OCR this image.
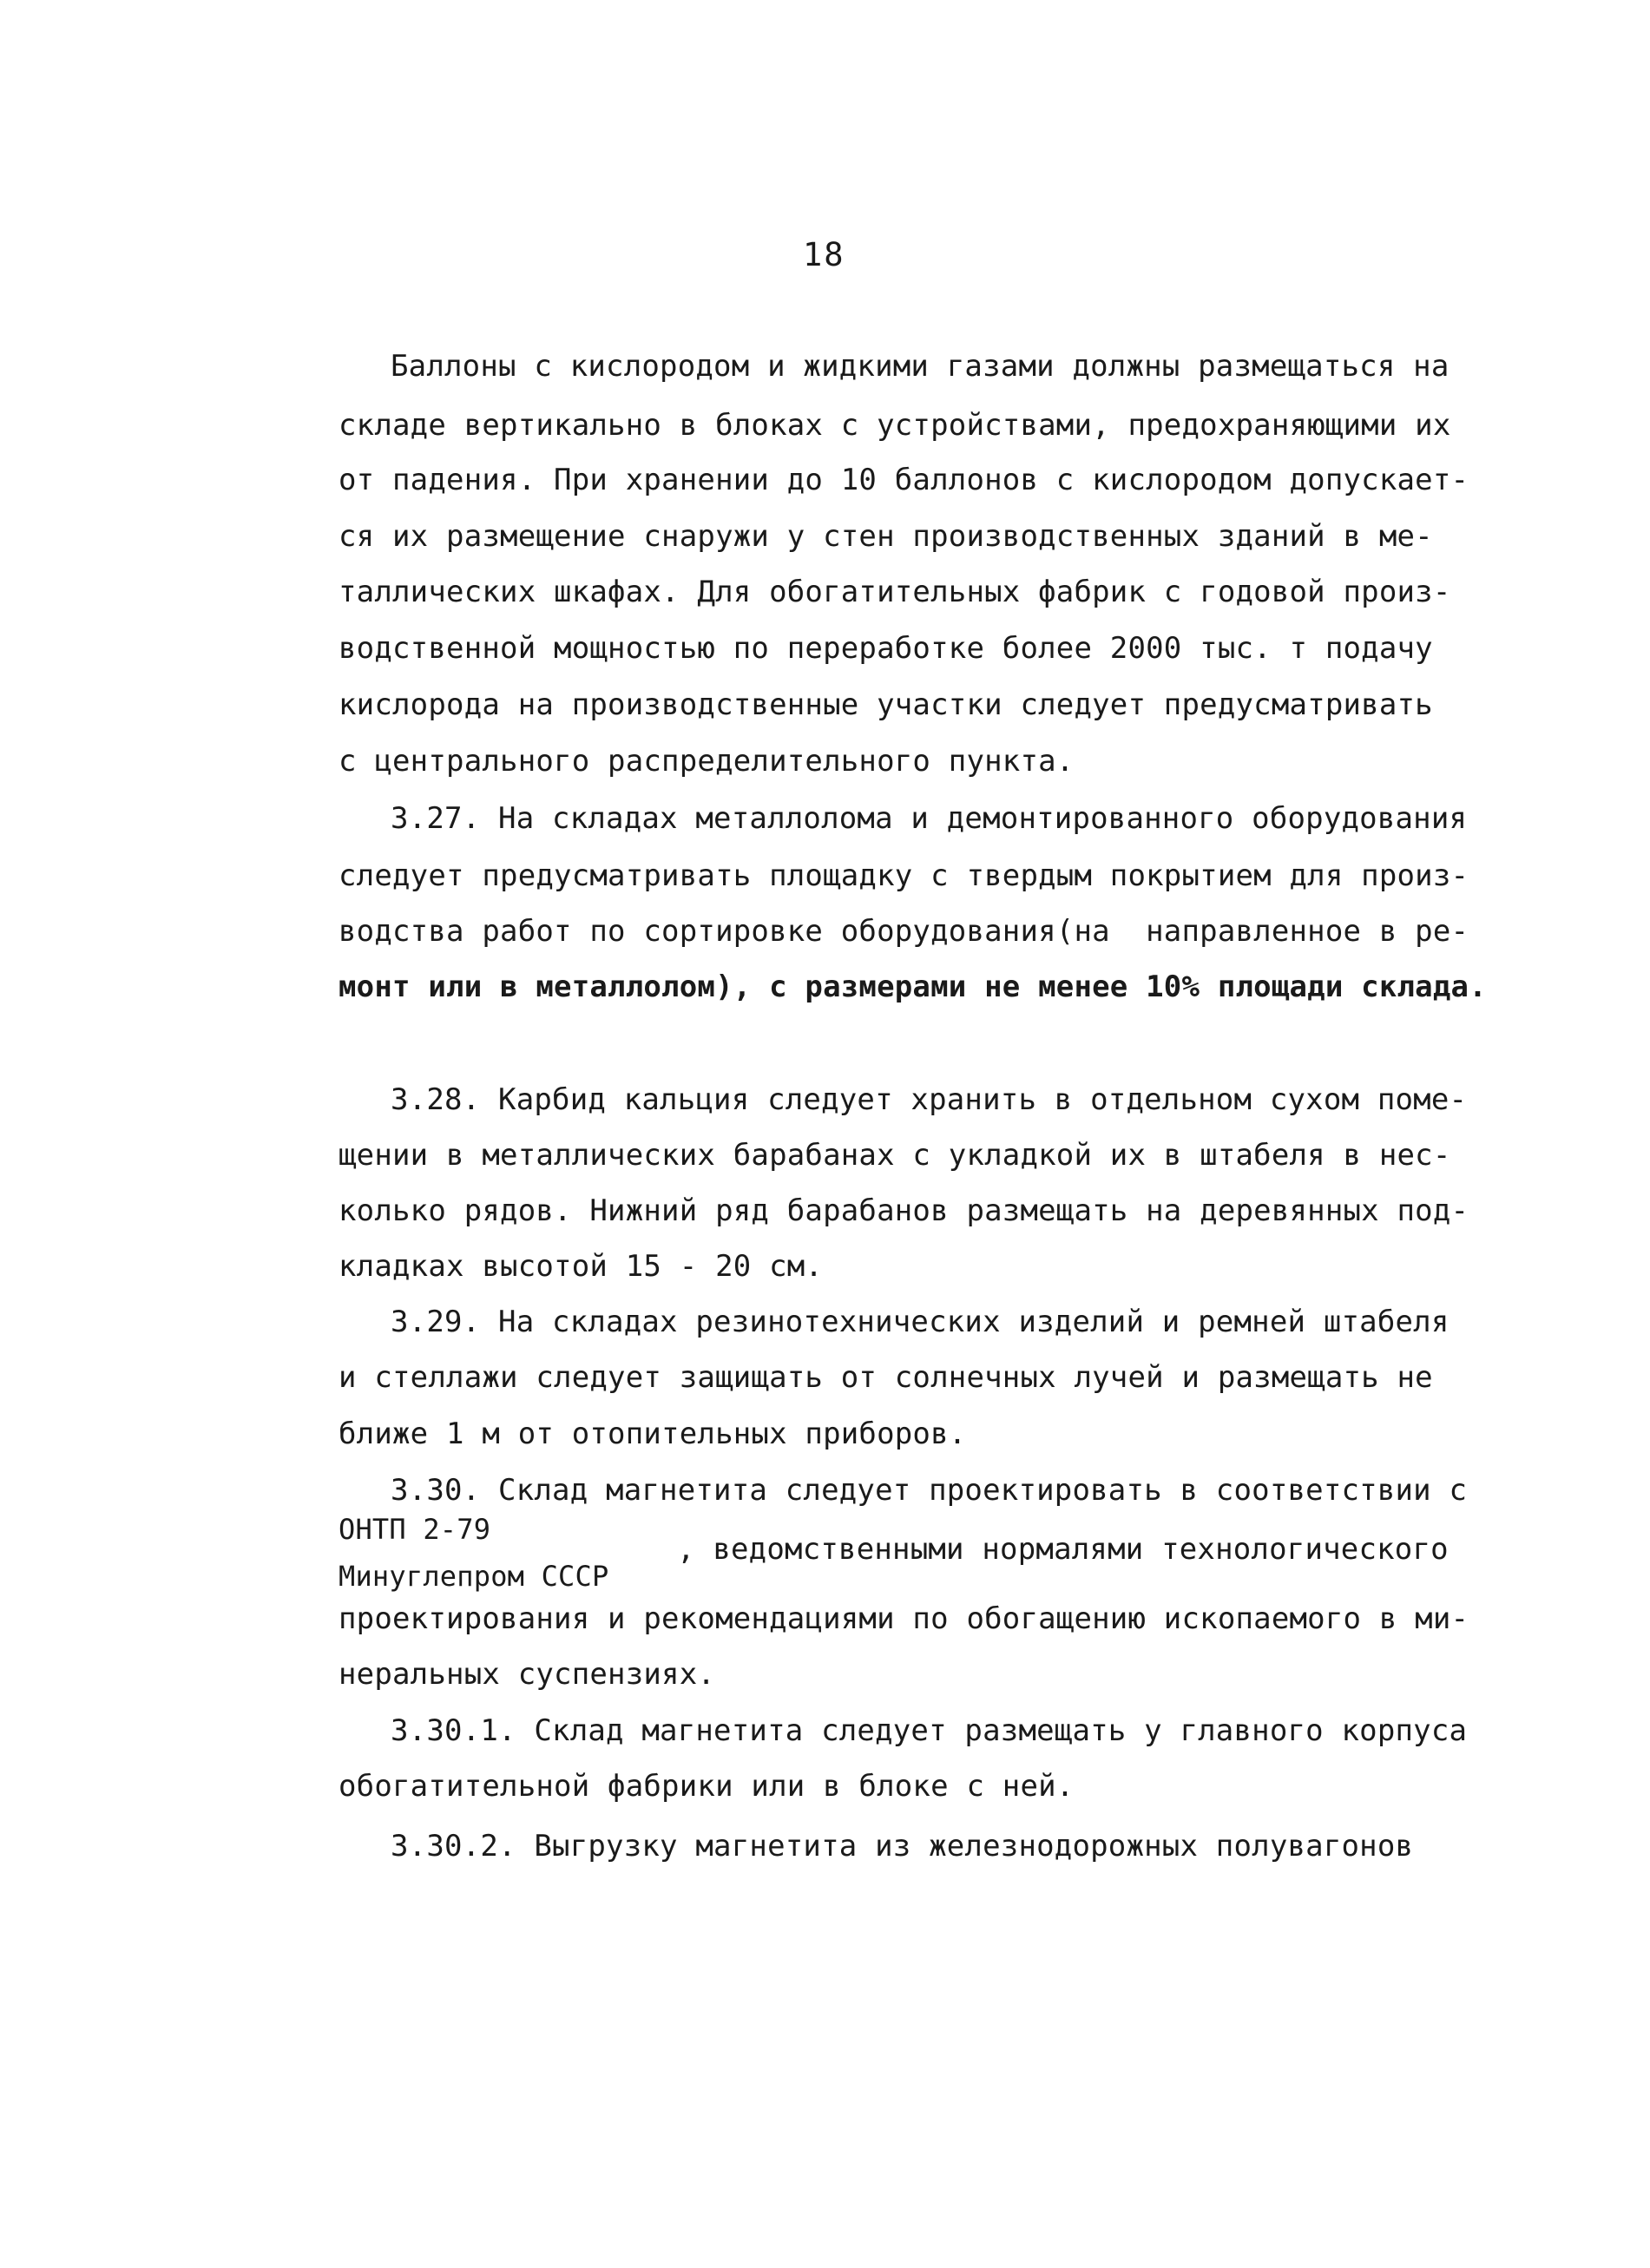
18
Баллоны с кислородом и жидкими газами должны размещаться на
складе вертикально в блоках с устройствами, предохраняющими их
от падения. При хранении до 10 баллонов с кислородом допускает-
ся их размещение снаружи у стен производственных зданий в ме-
таллических шкафах. Для обогатительных фабрик с годовой произ-
водственной мощностью по переработке более 2000 тыс. т подачу
кислорода на производственные участки следует предусматривать
с центрального распределительного пункта.
3.27. На складах металлолома и демонтированного оборудования
следует предусматривать площадку с твердым покрытием для произ-
водства работ по сортировке оборудования(на  направленное в ре-
монт или в металлолом), с размерами не менее 10% площади склада.
3.28. Карбид кальция следует хранить в отдельном сухом поме-
щении в металлических барабанах с укладкой их в штабеля в нес-
колько рядов. Нижний ряд барабанов размещать на деревянных под-
кладках высотой 15 - 20 см.
3.29. На складах резинотехнических изделий и ремней штабеля
и стеллажи следует защищать от солнечных лучей и размещать не
ближе 1 м от отопительных приборов.
3.30. Склад магнетита следует проектировать в соответствии с
ОНТП 2-79
, ведомственными нормалями технологического
Минуглепром СССР
проектирования и рекомендациями по обогащению ископаемого в ми-
неральных суспензиях.
3.30.1. Склад магнетита следует размещать у главного корпуса
обогатительной фабрики или в блоке с ней.
3.30.2. Выгрузку магнетита из железнодорожных полувагонов
